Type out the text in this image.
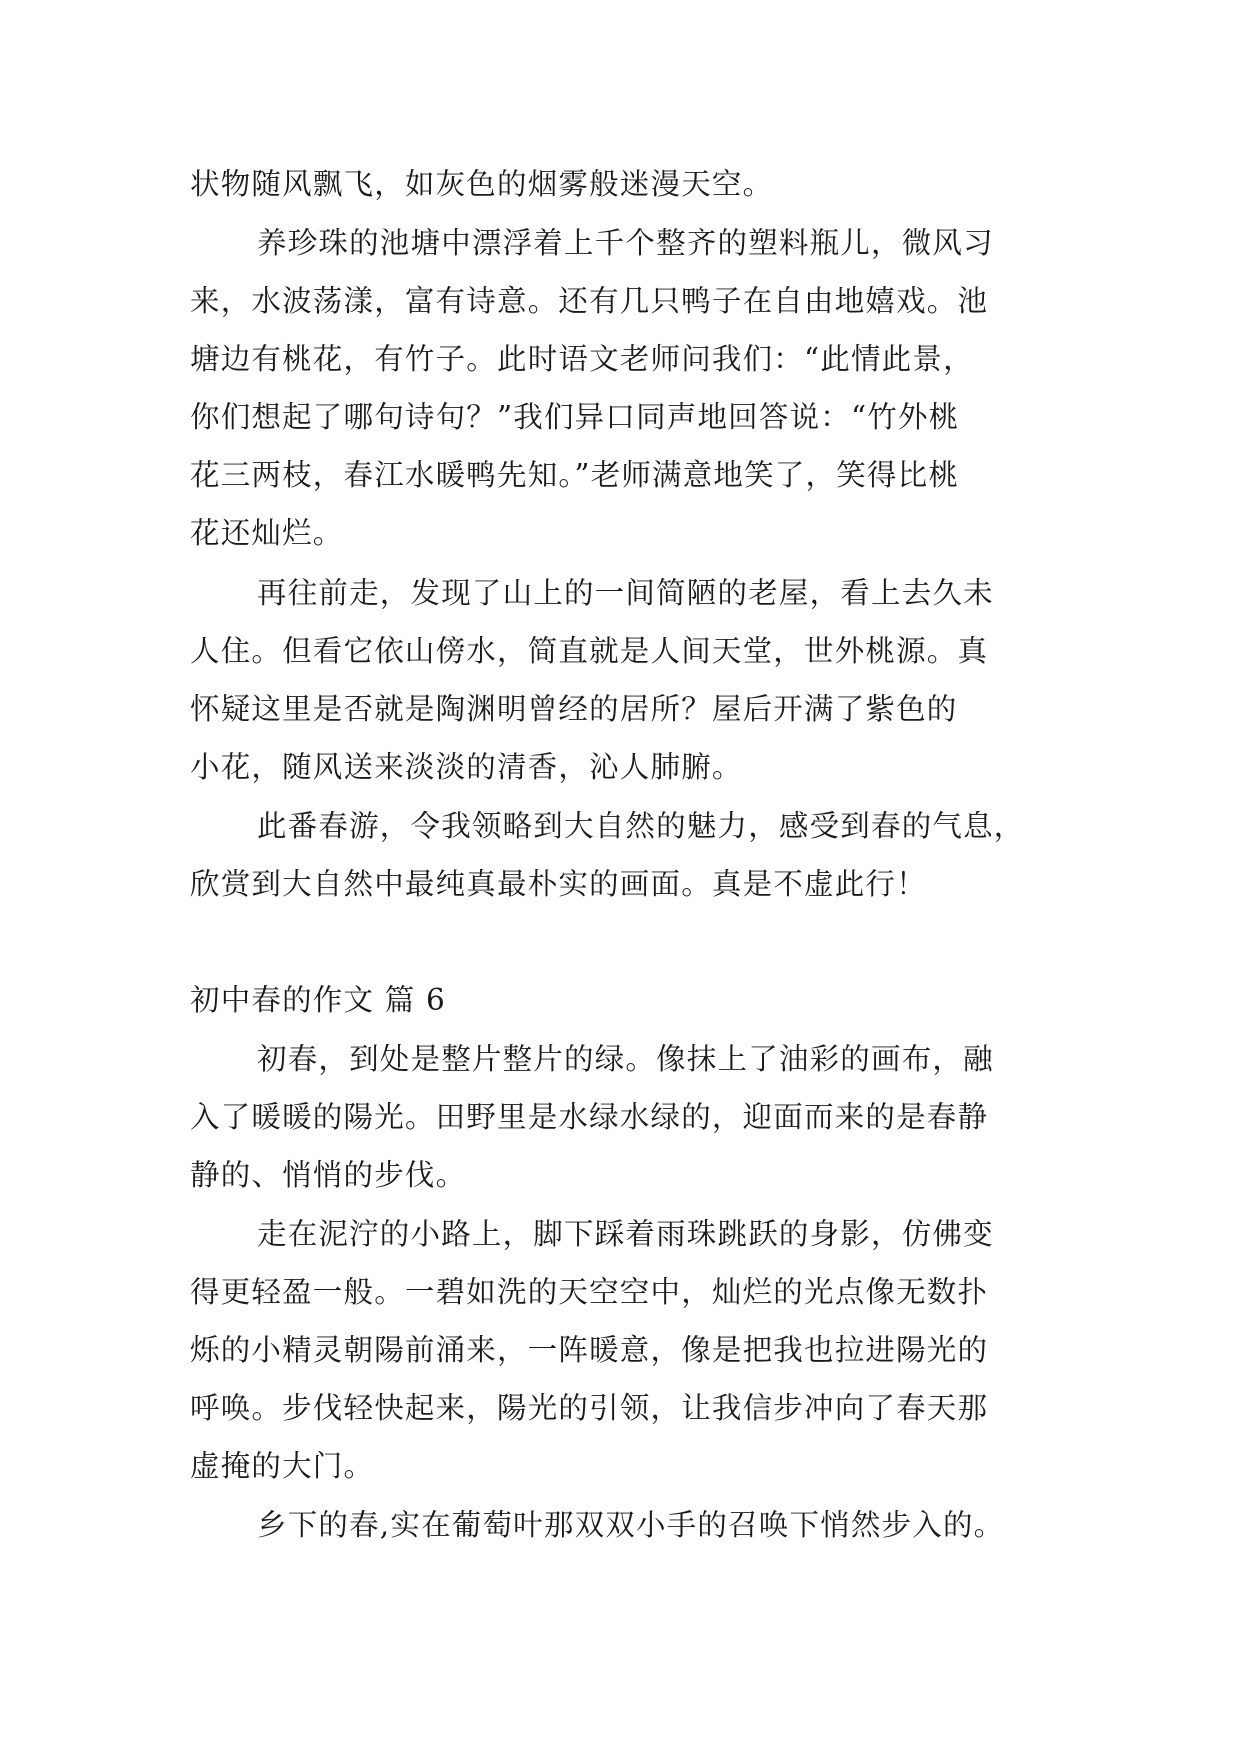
状物随风飘飞，如灰色的烟雾般迷漫天空。
养珍珠的池塘中漂浮着上千个整齐的塑料瓶儿，微风习
来，水波荡漾，富有诗意。还有几只鸭子在自由地嬉戏。池
塘边有桃花，有竹子。此时语文老师问我们：“此情此景，
你们想起了哪句诗句？”我们异口同声地回答说：“竹外桃
花三两枝，春江水暖鸭先知。”老师满意地笑了，笑得比桃
花还灿烂。
再往前走，发现了山上的一间简陋的老屋，看上去久未
人住。但看它依山傍水，简直就是人间天堂，世外桃源。真
怀疑这里是否就是陶渊明曾经的居所？屋后开满了紫色的
小花，随风送来淡淡的清香，沁人肺腑。
此番春游，令我领略到大自然的魅力，感受到春的气息，
欣赏到大自然中最纯真最朴实的画面。真是不虚此行！
初中春的作文 篇 6
初春，到处是整片整片的绿。像抹上了油彩的画布，融
入了暖暖的陽光。田野里是水绿水绿的，迎面而来的是春静
静的、悄悄的步伐。
走在泥泞的小路上，脚下踩着雨珠跳跃的身影，仿佛变
得更轻盈一般。一碧如洗的天空空中，灿烂的光点像无数扑
烁的小精灵朝陽前涌来，一阵暖意，像是把我也拉进陽光的
呼唤。步伐轻快起来，陽光的引领，让我信步冲向了春天那
虚掩的大门。
乡下的春,实在葡萄叶那双双小手的召唤下悄然步入的。
